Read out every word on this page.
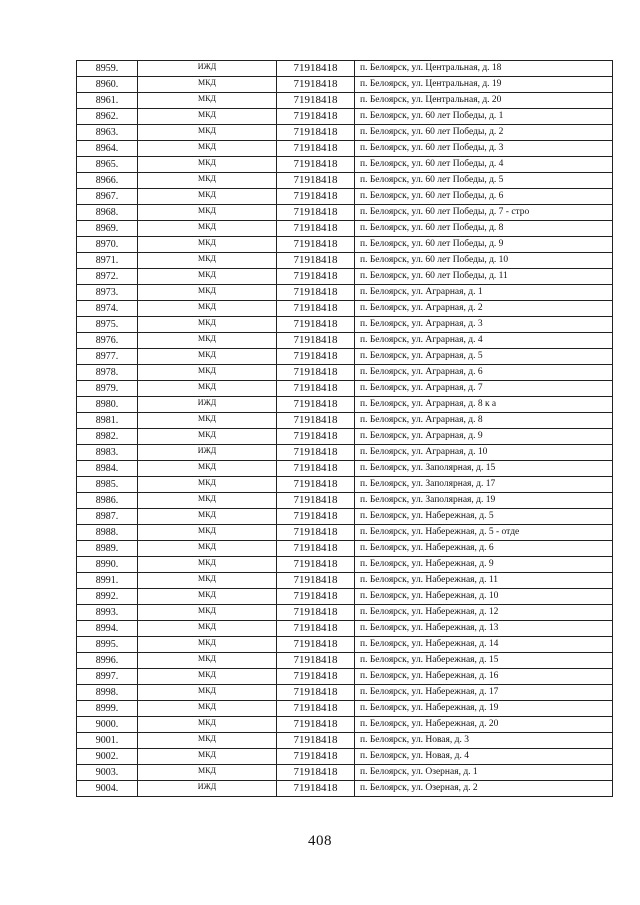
8959.	ИЖД	71918418	п. Белоярск, ул. Центральная, д. 18
8960.	МКД	71918418	п. Белоярск, ул. Центральная, д. 19
8961.	МКД	71918418	п. Белоярск, ул. Центральная, д. 20
8962.	МКД	71918418	п. Белоярск, ул. 60 лет Победы, д. 1
8963.	МКД	71918418	п. Белоярск, ул. 60 лет Победы, д. 2
8964.	МКД	71918418	п. Белоярск, ул. 60 лет Победы, д. 3
8965.	МКД	71918418	п. Белоярск, ул. 60 лет Победы, д. 4
8966.	МКД	71918418	п. Белоярск, ул. 60 лет Победы, д. 5
8967.	МКД	71918418	п. Белоярск, ул. 60 лет Победы, д. 6
8968.	МКД	71918418	п. Белоярск, ул. 60 лет Победы, д. 7 - стро
8969.	МКД	71918418	п. Белоярск, ул. 60 лет Победы, д. 8
8970.	МКД	71918418	п. Белоярск, ул. 60 лет Победы, д. 9
8971.	МКД	71918418	п. Белоярск, ул. 60 лет Победы, д. 10
8972.	МКД	71918418	п. Белоярск, ул. 60 лет Победы, д. 11
8973.	МКД	71918418	п. Белоярск, ул. Аграрная, д. 1
8974.	МКД	71918418	п. Белоярск, ул. Аграрная, д. 2
8975.	МКД	71918418	п. Белоярск, ул. Аграрная, д. 3
8976.	МКД	71918418	п. Белоярск, ул. Аграрная, д. 4
8977.	МКД	71918418	п. Белоярск, ул. Аграрная, д. 5
8978.	МКД	71918418	п. Белоярск, ул. Аграрная, д. 6
8979.	МКД	71918418	п. Белоярск, ул. Аграрная, д. 7
8980.	ИЖД	71918418	п. Белоярск, ул. Аграрная, д. 8 к а
8981.	МКД	71918418	п. Белоярск, ул. Аграрная, д. 8
8982.	МКД	71918418	п. Белоярск, ул. Аграрная, д. 9
8983.	ИЖД	71918418	п. Белоярск, ул. Аграрная, д. 10
8984.	МКД	71918418	п. Белоярск, ул. Заполярная, д. 15
8985.	МКД	71918418	п. Белоярск, ул. Заполярная, д. 17
8986.	МКД	71918418	п. Белоярск, ул. Заполярная, д. 19
8987.	МКД	71918418	п. Белоярск, ул. Набережная, д. 5
8988.	МКД	71918418	п. Белоярск, ул. Набережная, д. 5 - отде
8989.	МКД	71918418	п. Белоярск, ул. Набережная, д. 6
8990.	МКД	71918418	п. Белоярск, ул. Набережная, д. 9
8991.	МКД	71918418	п. Белоярск, ул. Набережная, д. 11
8992.	МКД	71918418	п. Белоярск, ул. Набережная, д. 10
8993.	МКД	71918418	п. Белоярск, ул. Набережная, д. 12
8994.	МКД	71918418	п. Белоярск, ул. Набережная, д. 13
8995.	МКД	71918418	п. Белоярск, ул. Набережная, д. 14
8996.	МКД	71918418	п. Белоярск, ул. Набережная, д. 15
8997.	МКД	71918418	п. Белоярск, ул. Набережная, д. 16
8998.	МКД	71918418	п. Белоярск, ул. Набережная, д. 17
8999.	МКД	71918418	п. Белоярск, ул. Набережная, д. 19
9000.	МКД	71918418	п. Белоярск, ул. Набережная, д. 20
9001.	МКД	71918418	п. Белоярск, ул. Новая, д. 3
9002.	МКД	71918418	п. Белоярск, ул. Новая, д. 4
9003.	МКД	71918418	п. Белоярск, ул. Озерная, д. 1
9004.	ИЖД	71918418	п. Белоярск, ул. Озерная, д. 2
408
